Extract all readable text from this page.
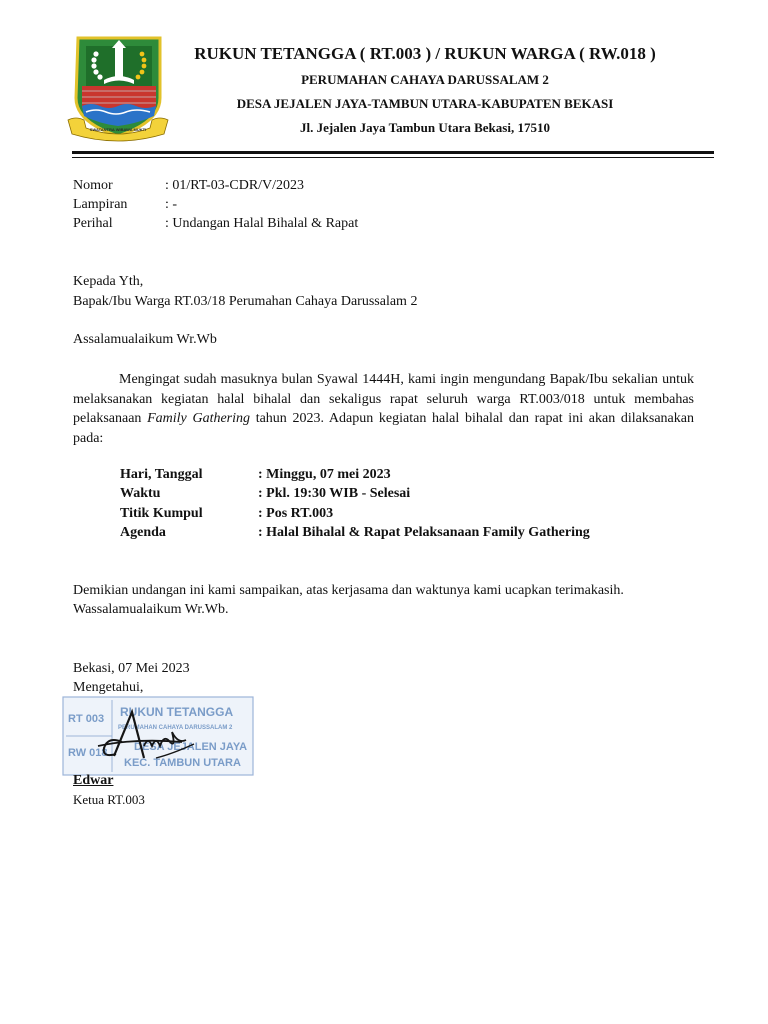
SWATANTRA WIBAWA MUKTI
RUKUN TETANGGA ( RT.003 ) / RUKUN WARGA ( RW.018 )
PERUMAHAN CAHAYA DARUSSALAM 2
DESA JEJALEN JAYA-TAMBUN UTARA-KABUPATEN BEKASI
Jl. Jejalen Jaya Tambun Utara Bekasi, 17510
Nomor	: 01/RT-03-CDR/V/2023
Lampiran	: -
Perihal	: Undangan Halal Bihalal & Rapat
Kepada Yth,
Bapak/Ibu Warga RT.03/18 Perumahan Cahaya Darussalam 2
Assalamualaikum Wr.Wb
Mengingat sudah masuknya bulan Syawal 1444H, kami ingin mengundang Bapak/Ibu sekalian untuk melaksanakan kegiatan halal bihalal dan sekaligus rapat seluruh warga RT.003/018 untuk membahas pelaksanaan Family Gathering tahun 2023. Adapun kegiatan halal bihalal dan rapat ini akan dilaksanakan pada:
Hari, Tanggal	: Minggu, 07 mei 2023
Waktu	: Pkl. 19:30 WIB - Selesai
Titik Kumpul	: Pos RT.003
Agenda	: Halal Bihalal & Rapat Pelaksanaan Family Gathering
Demikian undangan ini kami sampaikan, atas kerjasama dan waktunya kami ucapkan terimakasih.
Wassalamualaikum Wr.Wb.
Bekasi, 07 Mei 2023
Mengetahui,
RT 003
RW 018
RUKUN TETANGGA
PERUMAHAN CAHAYA DARUSSALAM 2
DESA JEJALEN JAYA
KEC. TAMBUN UTARA
Edwar
Ketua RT.003
